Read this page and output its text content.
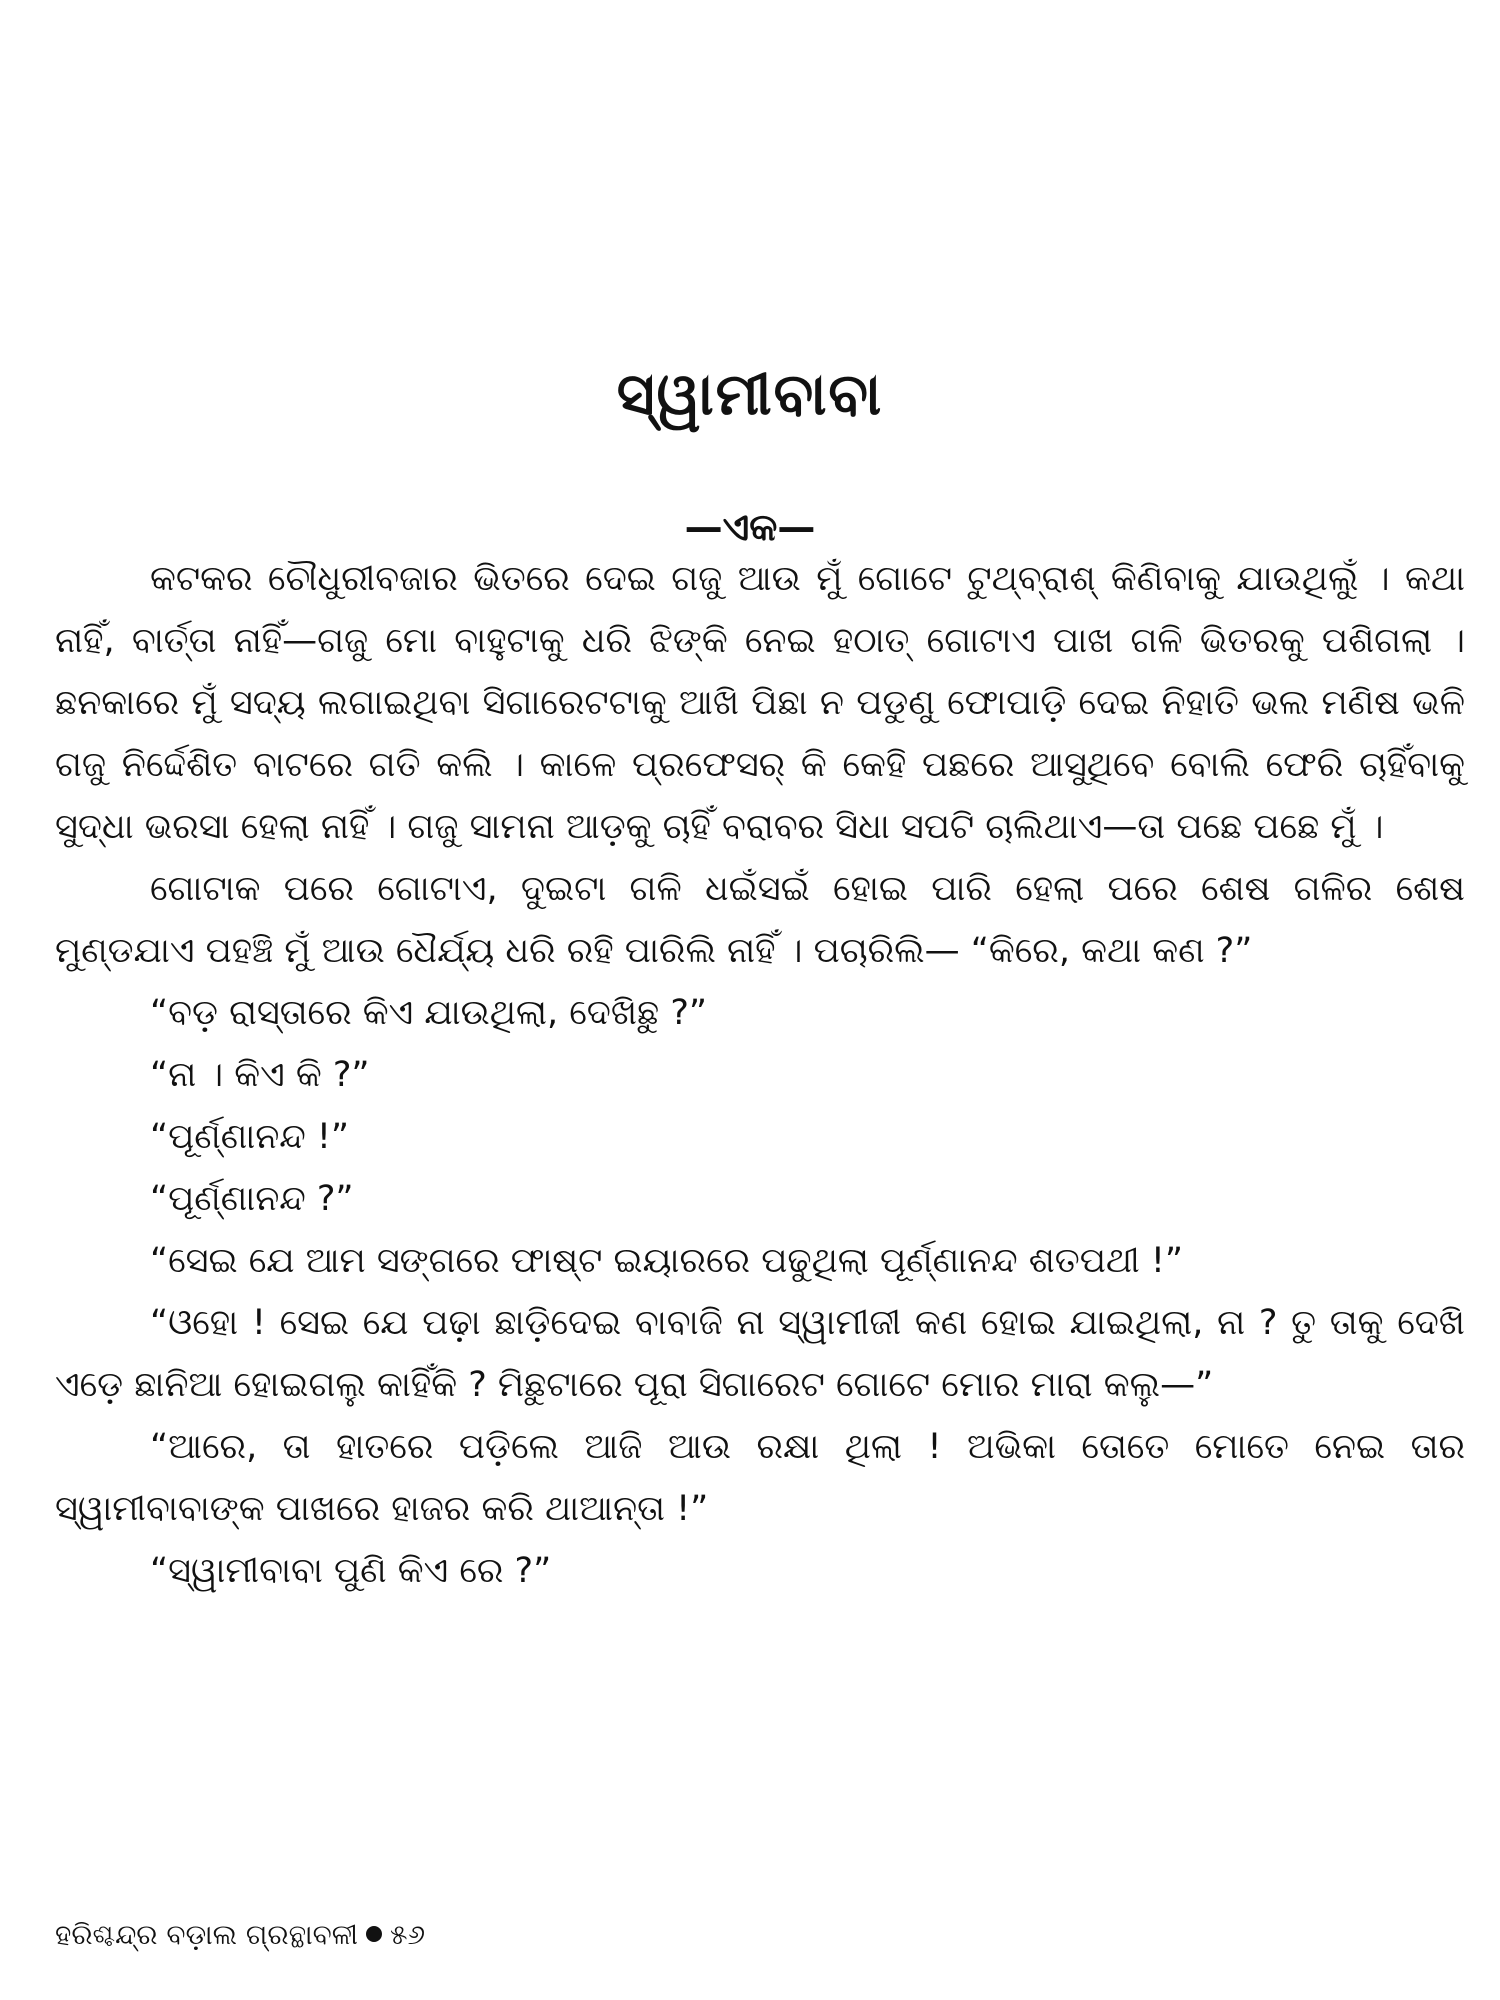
ସ୍ୱାମୀବାବା
—ଏକ—

କଟକର ଚୌଧୁରୀବଜାର ଭିତରେ ଦେଇ ଗଜୁ ଆଉ ମୁଁ ଗୋଟେ ଟୁଥ୍‌ବ୍ରାଶ୍ କିଣିବାକୁ ଯାଉଥିଲୁଁ । କଥା ନାହିଁ, ବାର୍ତ୍ତା ନାହିଁ—ଗଜୁ ମୋ ବାହୁଟାକୁ ଧରି ଝିଙ୍କି ନେଇ ହଠାତ୍ ଗୋଟାଏ ପାଖ ଗଳି ଭିତରକୁ ପଶିଗଲା । ଛନକାରେ ମୁଁ ସଦ୍ୟ ଲଗାଇଥିବା ସିଗାରେଟଟାକୁ ଆଖି ପିଛା ନ ପଡୁଣୁ ଫୋପାଡ଼ି ଦେଇ ନିହାତି ଭଲ ମଣିଷ ଭଳି ଗଜୁ ନିର୍ଦ୍ଦେଶିତ ବାଟରେ ଗତି କଲି । କାଳେ ପ୍ରଫେସର୍ କି କେହି ପଛରେ ଆସୁଥିବେ ବୋଲି ଫେରି ଚାହିଁବାକୁ ସୁଦ୍ଧା ଭରସା ହେଲା ନାହିଁ । ଗଜୁ ସାମନା ଆଡ଼କୁ ଚାହିଁ ବରାବର ସିଧା ସପଟି ଚାଲିଥାଏ—ତା ପଛେ ପଛେ ମୁଁ ।

ଗୋଟାକ ପରେ ଗୋଟାଏ, ଦୁଇଟା ଗଳି ଧଇଁସଇଁ ହୋଇ ପାରି ହେଲା ପରେ ଶେଷ ଗଳିର ଶେଷ ମୁଣ୍ଡଯାଏ ପହଞ୍ଚି ମୁଁ ଆଉ ଧୈର୍ଯ୍ୟ ଧରି ରହି ପାରିଲି ନାହିଁ । ପଚାରିଲି— “କିରେ, କଥା କଣ ?”

“ବଡ଼ ରାସ୍ତାରେ କିଏ ଯାଉଥିଲା, ଦେଖିଛୁ ?”

“ନା । କିଏ କି ?”

“ପୂର୍ଣ୍ଣାନନ୍ଦ !”

“ପୂର୍ଣ୍ଣାନନ୍ଦ ?”

“ସେଇ ଯେ ଆମ ସଙ୍ଗରେ ଫାଷ୍ଟ ଇୟାରରେ ପଢୁଥିଲା ପୂର୍ଣ୍ଣାନନ୍ଦ ଶତପଥୀ !”

“ଓହୋ ! ସେଇ ଯେ ପଢ଼ା ଛାଡ଼ିଦେଇ ବାବାଜି ନା ସ୍ୱାମୀଜୀ କଣ ହୋଇ ଯାଇଥିଲା, ନା ? ତୁ ତାକୁ ଦେଖି ଏଡ଼େ ଛାନିଆ ହୋଇଗଲୁ କାହିଁକି ? ମିଛୁଟାରେ ପୂରା ସିଗାରେଟ ଗୋଟେ ମୋର ମାରା କଲୁ—”

“ଆରେ, ତା ହାତରେ ପଡ଼ିଲେ ଆଜି ଆଉ ରକ୍ଷା ଥିଲା ! ଅଭିକା ତୋତେ ମୋତେ ନେଇ ତାର ସ୍ୱାମୀବାବାଙ୍କ ପାଖରେ ହାଜର କରି ଥାଆନ୍ତା !”

“ସ୍ୱାମୀବାବା ପୁଣି କିଏ ରେ ?”

ହରିଶ୍ଚନ୍ଦ୍ର ବଡ଼ାଲ ଗ୍ରନ୍ଥାବଳୀ ୫୬
